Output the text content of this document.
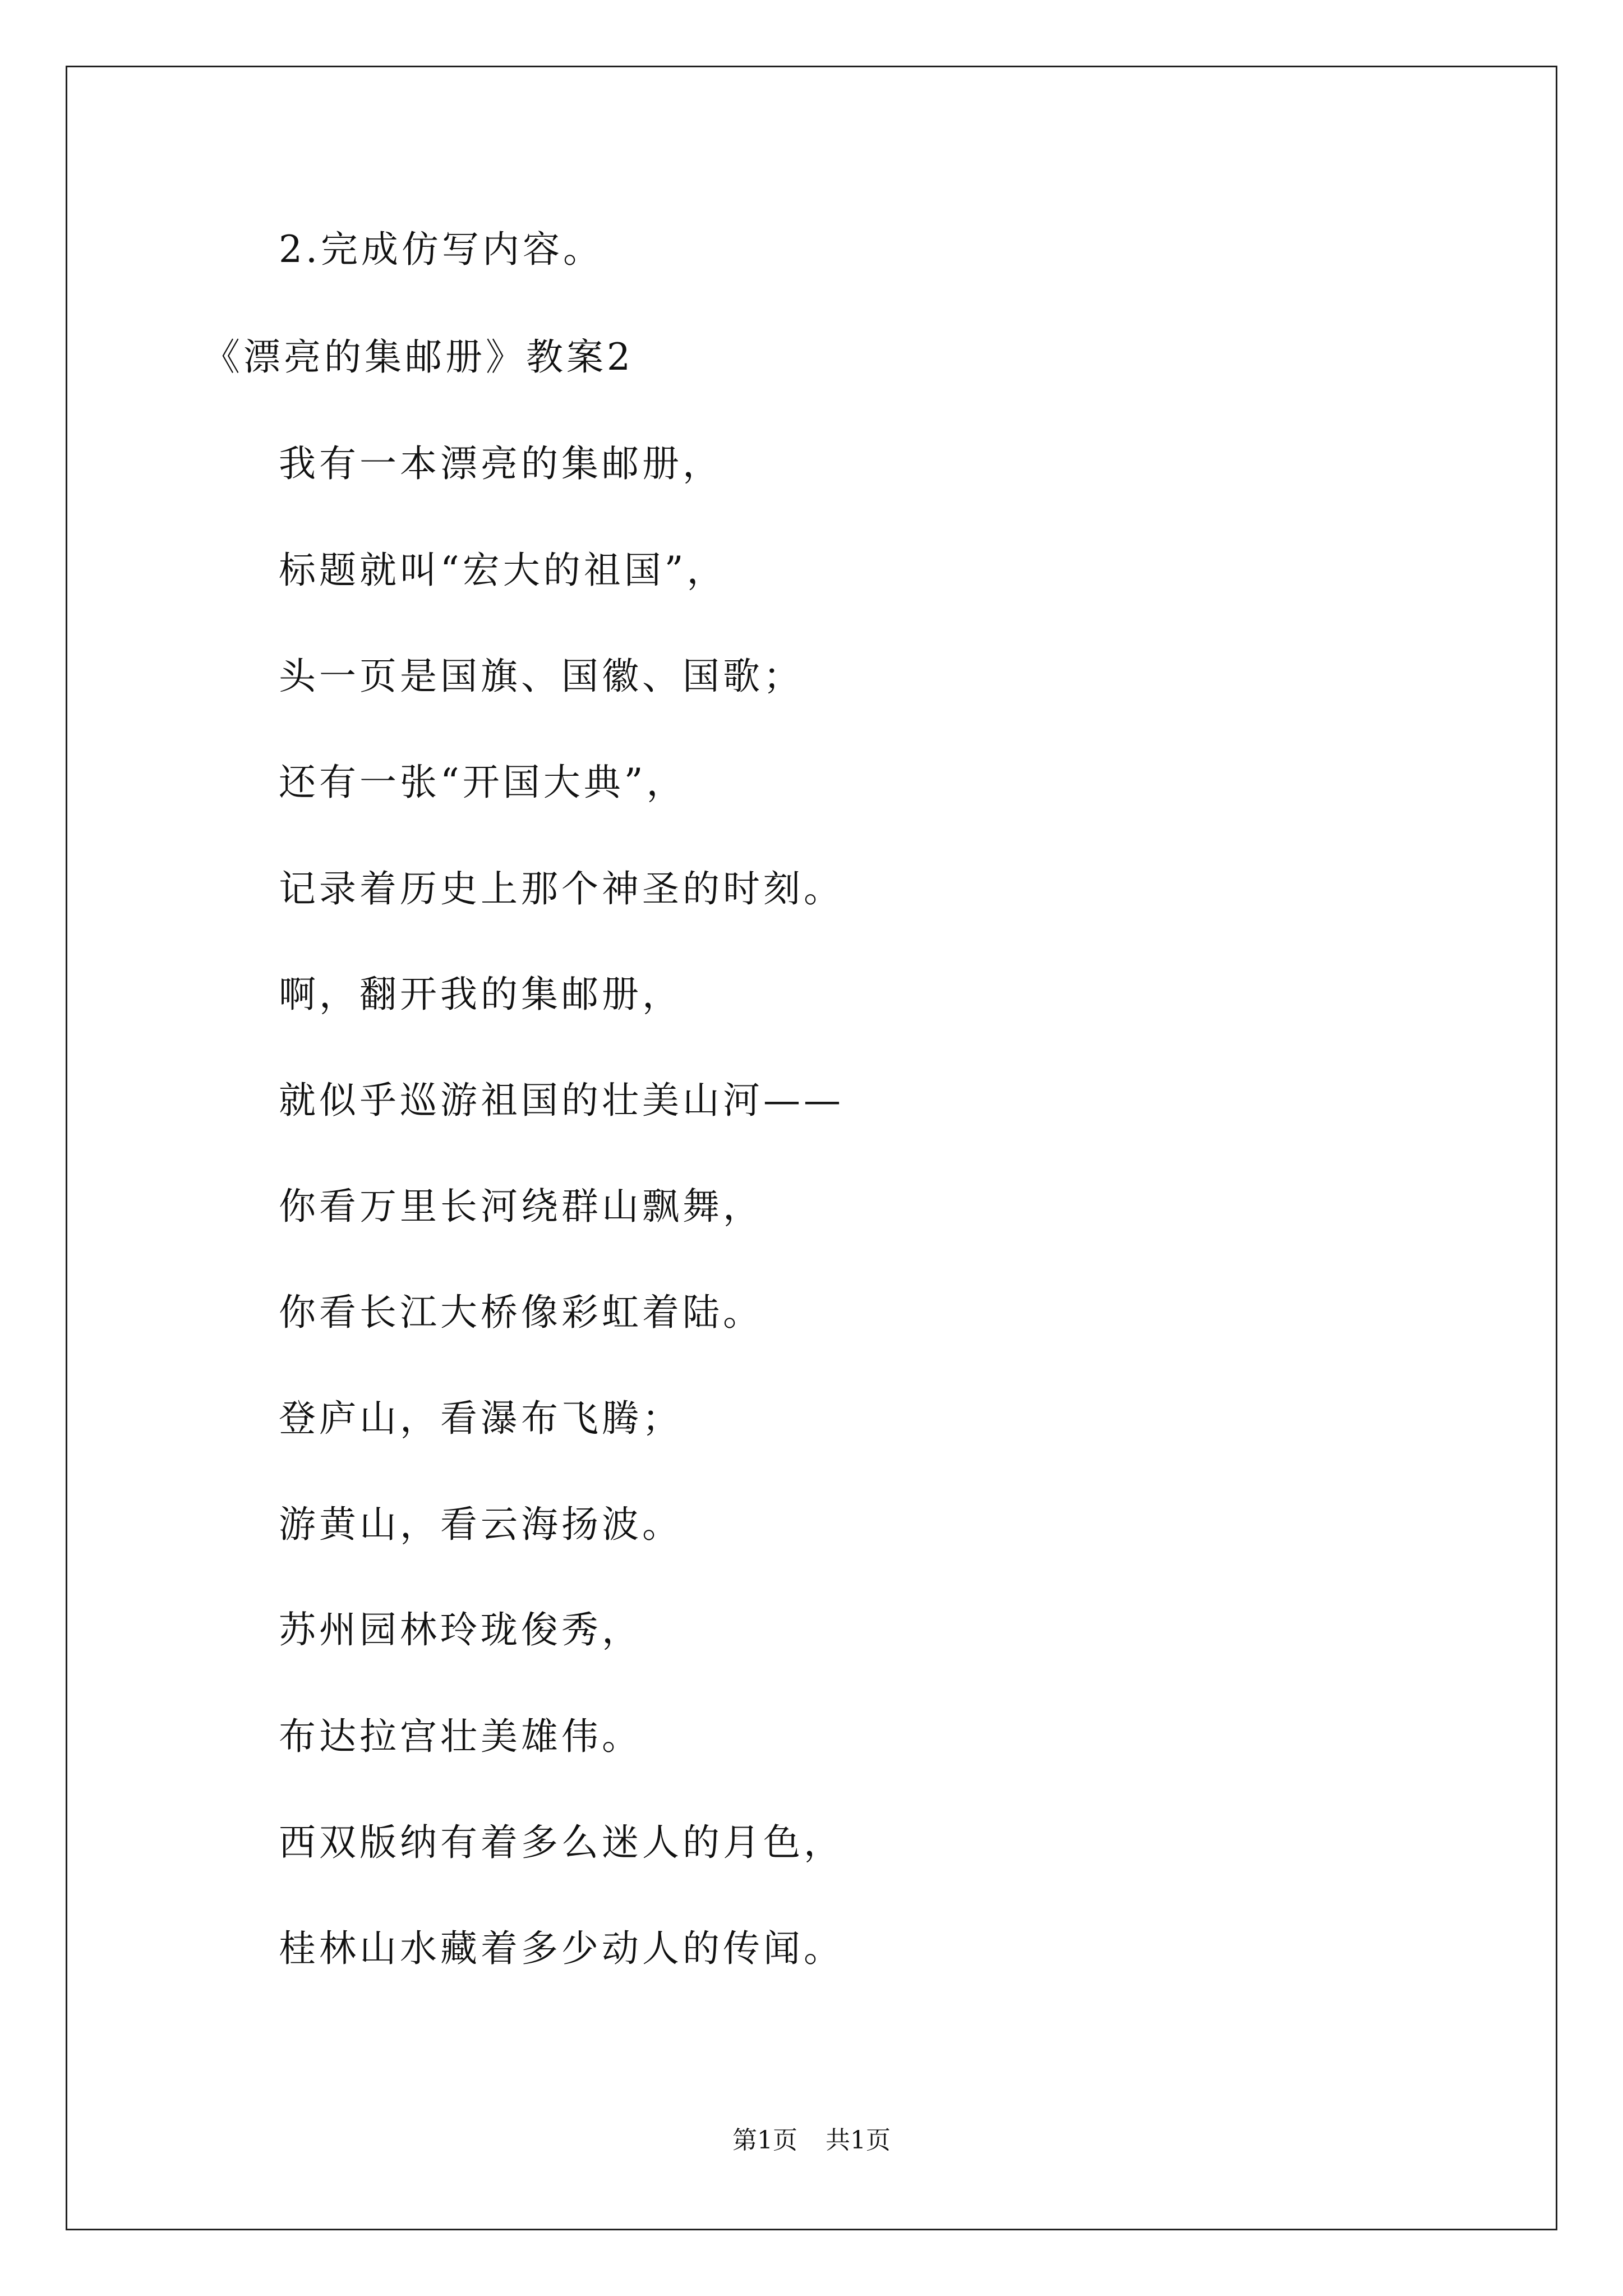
2.完成仿写内容。
《漂亮的集邮册》教案2
我有一本漂亮的集邮册，
标题就叫“宏大的祖国”，
头一页是国旗、国徽、国歌；
还有一张“开国大典”，
记录着历史上那个神圣的时刻。
啊，翻开我的集邮册，
就似乎巡游祖国的壮美山河——
你看万里长河绕群山飘舞，
你看长江大桥像彩虹着陆。
登庐山，看瀑布飞腾；
游黄山，看云海扬波。
苏州园林玲珑俊秀，
布达拉宫壮美雄伟。
西双版纳有着多么迷人的月色，
桂林山水藏着多少动人的传闻。
第1页 共1页
